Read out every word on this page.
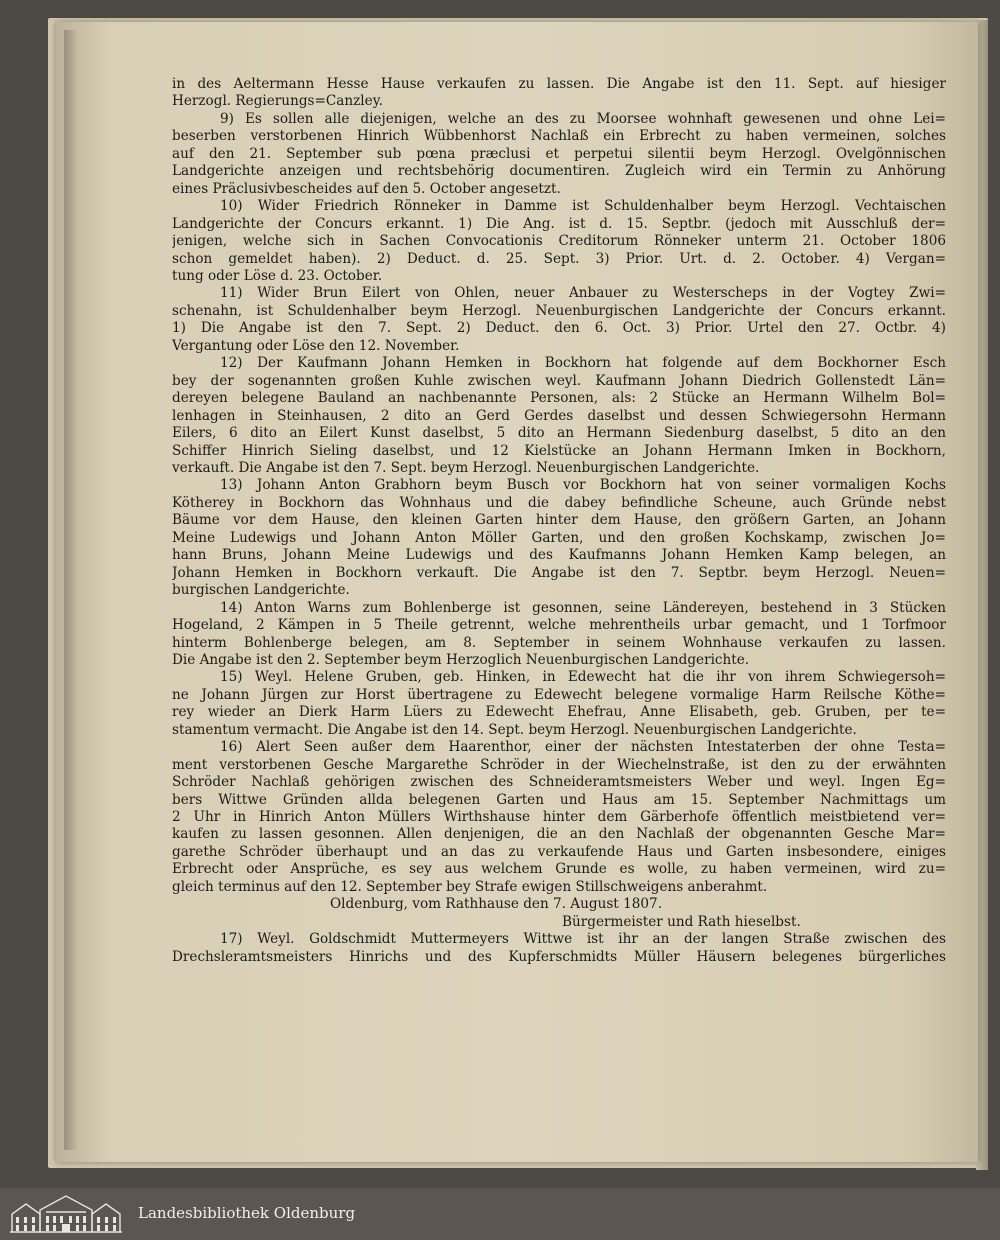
in des Aeltermann Hesse Hause verkaufen zu lassen. Die Angabe ist den 11. Sept. auf hiesiger
Herzogl. Regierungs=Canzley.
9) Es sollen alle diejenigen, welche an des zu Moorsee wohnhaft gewesenen und ohne Lei=
beserben verstorbenen Hinrich Wübbenhorst Nachlaß ein Erbrecht zu haben vermeinen, solches
auf den 21. September sub pœna præclusi et perpetui silentii beym Herzogl. Ovelgönnischen
Landgerichte anzeigen und rechtsbehörig documentiren. Zugleich wird ein Termin zu Anhörung
eines Präclusivbescheides auf den 5. October angesetzt.
10) Wider Friedrich Rönneker in Damme ist Schuldenhalber beym Herzogl. Vechtaischen
Landgerichte der Concurs erkannt. 1) Die Ang. ist d. 15. Septbr. (jedoch mit Ausschluß der=
jenigen, welche sich in Sachen Convocationis Creditorum Rönneker unterm 21. October 1806
schon gemeldet haben). 2) Deduct. d. 25. Sept. 3) Prior. Urt. d. 2. October. 4) Vergan=
tung oder Löse d. 23. October.
11) Wider Brun Eilert von Ohlen, neuer Anbauer zu Westerscheps in der Vogtey Zwi=
schenahn, ist Schuldenhalber beym Herzogl. Neuenburgischen Landgerichte der Concurs erkannt.
1) Die Angabe ist den 7. Sept. 2) Deduct. den 6. Oct. 3) Prior. Urtel den 27. Octbr. 4)
Vergantung oder Löse den 12. November.
12) Der Kaufmann Johann Hemken in Bockhorn hat folgende auf dem Bockhorner Esch
bey der sogenannten großen Kuhle zwischen weyl. Kaufmann Johann Diedrich Gollenstedt Län=
dereyen belegene Bauland an nachbenannte Personen, als: 2 Stücke an Hermann Wilhelm Bol=
lenhagen in Steinhausen, 2 dito an Gerd Gerdes daselbst und dessen Schwiegersohn Hermann
Eilers, 6 dito an Eilert Kunst daselbst, 5 dito an Hermann Siedenburg daselbst, 5 dito an den
Schiffer Hinrich Sieling daselbst, und 12 Kielstücke an Johann Hermann Imken in Bockhorn,
verkauft. Die Angabe ist den 7. Sept. beym Herzogl. Neuenburgischen Landgerichte.
13) Johann Anton Grabhorn beym Busch vor Bockhorn hat von seiner vormaligen Kochs
Kötherey in Bockhorn das Wohnhaus und die dabey befindliche Scheune, auch Gründe nebst
Bäume vor dem Hause, den kleinen Garten hinter dem Hause, den größern Garten, an Johann
Meine Ludewigs und Johann Anton Möller Garten, und den großen Kochskamp, zwischen Jo=
hann Bruns, Johann Meine Ludewigs und des Kaufmanns Johann Hemken Kamp belegen, an
Johann Hemken in Bockhorn verkauft. Die Angabe ist den 7. Septbr. beym Herzogl. Neuen=
burgischen Landgerichte.
14) Anton Warns zum Bohlenberge ist gesonnen, seine Ländereyen, bestehend in 3 Stücken
Hogeland, 2 Kämpen in 5 Theile getrennt, welche mehrentheils urbar gemacht, und 1 Torfmoor
hinterm Bohlenberge belegen, am 8. September in seinem Wohnhause verkaufen zu lassen.
Die Angabe ist den 2. September beym Herzoglich Neuenburgischen Landgerichte.
15) Weyl. Helene Gruben, geb. Hinken, in Edewecht hat die ihr von ihrem Schwiegersoh=
ne Johann Jürgen zur Horst übertragene zu Edewecht belegene vormalige Harm Reilsche Köthe=
rey wieder an Dierk Harm Lüers zu Edewecht Ehefrau, Anne Elisabeth, geb. Gruben, per te=
stamentum vermacht. Die Angabe ist den 14. Sept. beym Herzogl. Neuenburgischen Landgerichte.
16) Alert Seen außer dem Haarenthor, einer der nächsten Intestaterben der ohne Testa=
ment verstorbenen Gesche Margarethe Schröder in der Wiechelnstraße, ist den zu der erwähnten
Schröder Nachlaß gehörigen zwischen des Schneideramtsmeisters Weber und weyl. Ingen Eg=
bers Wittwe Gründen allda belegenen Garten und Haus am 15. September Nachmittags um
2 Uhr in Hinrich Anton Müllers Wirthshause hinter dem Gärberhofe öffentlich meistbietend ver=
kaufen zu lassen gesonnen. Allen denjenigen, die an den Nachlaß der obgenannten Gesche Mar=
garethe Schröder überhaupt und an das zu verkaufende Haus und Garten insbesondere, einiges
Erbrecht oder Ansprüche, es sey aus welchem Grunde es wolle, zu haben vermeinen, wird zu=
gleich terminus auf den 12. September bey Strafe ewigen Stillschweigens anberahmt.
Oldenburg, vom Rathhause den 7. August 1807.
Bürgermeister und Rath hieselbst.
17) Weyl. Goldschmidt Muttermeyers Wittwe ist ihr an der langen Straße zwischen des
Drechsleramtsmeisters Hinrichs und des Kupferschmidts Müller Häusern belegenes bürgerliches
Landesbibliothek Oldenburg
